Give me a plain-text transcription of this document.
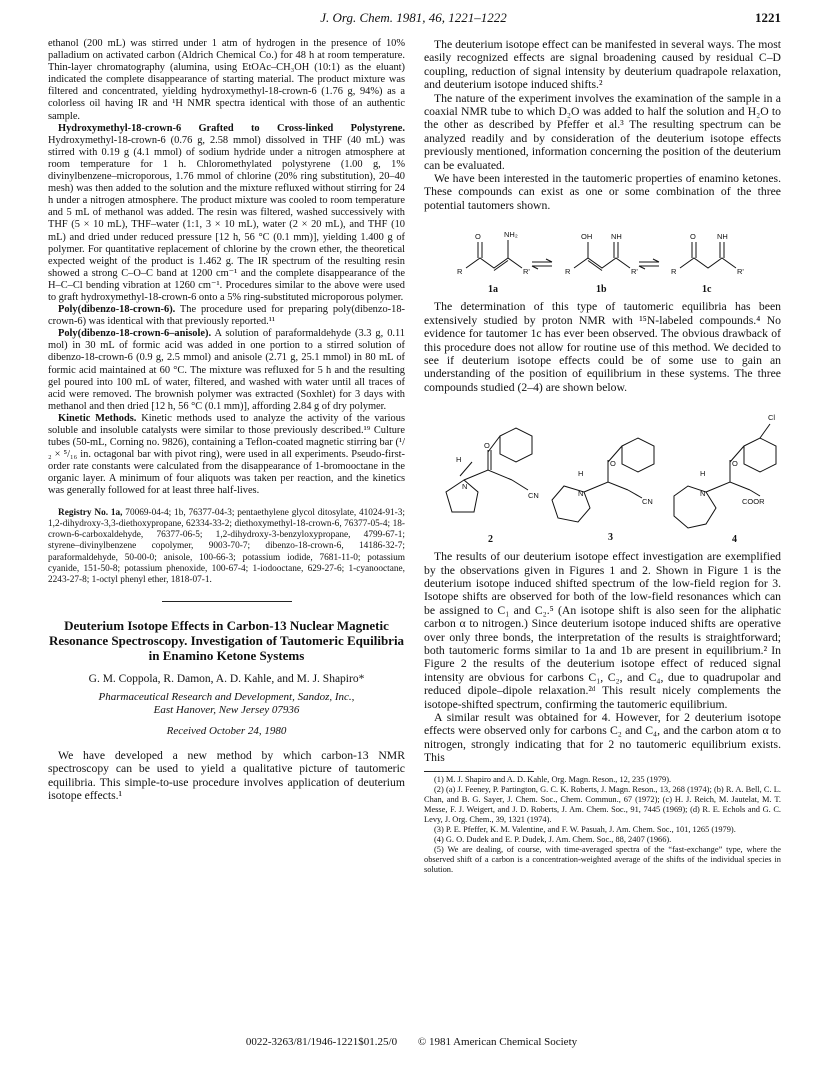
J. Org. Chem. 1981, 46, 1221–1222	1221

ethanol (200 mL) was stirred under 1 atm of hydrogen in the presence of 10% palladium on activated carbon (Aldrich Chemical Co.) for 48 h at room temperature. Thin-layer chromatography (alumina, using EtOAc–CH₃OH (10:1) as the eluant) indicated the complete disappearance of starting material. The product mixture was filtered and concentrated, yielding hydroxymethyl-18-crown-6 (1.76 g, 94%) as a colorless oil having IR and ¹H NMR spectra identical with those of an authentic sample.

Hydroxymethyl-18-crown-6 Grafted to Cross-linked Polystyrene. Hydroxymethyl-18-crown-6 (0.76 g, 2.58 mmol) dissolved in THF (40 mL) was stirred with 0.19 g (4.1 mmol) of sodium hydride under a nitrogen atmosphere at room temperature for 1 h. Chloromethylated polystyrene (1.00 g, 1% divinylbenzene–microporous, 1.76 mmol of chlorine (20% ring substitution), 20–40 mesh) was then added to the solution and the mixture refluxed without stirring for 24 h under a nitrogen atmosphere. The product mixture was cooled to room temperature and 5 mL of methanol was added. The resin was filtered, washed successively with THF (5 × 10 mL), THF–water (1:1, 3 × 10 mL), water (2 × 20 mL), and THF (10 mL) and dried under reduced pressure [12 h, 56 °C (0.1 mm)], yielding 1.400 g of polymer. For quantitative replacement of chlorine by the crown ether, the theoretical expected weight of the product is 1.462 g. The IR spectrum of the resulting resin showed a strong C–O–C band at 1200 cm⁻¹ and the complete disappearance of the H–C–Cl bending vibration at 1260 cm⁻¹. Procedures similar to the above were used to graft hydroxymethyl-18-crown-6 onto a 5% ring-substituted microporous polymer.

Poly(dibenzo-18-crown-6). The procedure used for preparing poly(dibenzo-18-crown-6) was identical with that previously reported.¹¹

Poly(dibenzo-18-crown-6–anisole). A solution of paraformaldehyde (3.3 g, 0.11 mol) in 30 mL of formic acid was added in one portion to a stirred solution of dibenzo-18-crown-6 (0.9 g, 2.5 mmol) and anisole (2.71 g, 25.1 mmol) in 80 mL of formic acid maintained at 60 °C. The mixture was refluxed for 5 h and the resulting gel poured into 100 mL of water, filtered, and washed with water until all traces of acid were removed. The brownish polymer was extracted (Soxhlet) for 3 days with methanol and then dried [12 h, 56 °C (0.1 mm)], affording 2.84 g of dry polymer.

Kinetic Methods. Kinetic methods used to analyze the activity of the various soluble and insoluble catalysts were similar to those previously described.¹⁹ Culture tubes (50-mL, Corning no. 9826), containing a Teflon-coated magnetic stirring bar (¹/₂ × ⁵/₁₆ in. octagonal bar with pivot ring), were used in all experiments. Pseudo-first-order rate constants were calculated from the disappearance of 1-bromooctane in the organic layer. A minimum of four aliquots was taken per reaction, and the kinetics was generally followed for at least three half-lives.

Registry No. 1a, 70069-04-4; 1b, 76377-04-3; pentaethylene glycol ditosylate, 41024-91-3; 1,2-dihydroxy-3,3-diethoxypropane, 62334-33-2; diethoxymethyl-18-crown-6, 76377-05-4; 18-crown-6-carboxaldehyde, 76377-06-5; 1,2-dihydroxy-3-benzyloxypropane, 4799-67-1; styrene–divinylbenzene copolymer, 9003-70-7; dibenzo-18-crown-6, 14186-32-7; paraformaldehyde, 50-00-0; anisole, 100-66-3; potassium iodide, 7681-11-0; potassium cyanide, 151-50-8; potassium phenoxide, 100-67-4; 1-iodooctane, 629-27-6; 1-cyanooctane, 2243-27-8; 1-octyl phenyl ether, 1818-07-1.

Deuterium Isotope Effects in Carbon-13 Nuclear Magnetic Resonance Spectroscopy. Investigation of Tautomeric Equilibria in Enamino Ketone Systems
G. M. Coppola, R. Damon, A. D. Kahle, and M. J. Shapiro*
Pharmaceutical Research and Development, Sandoz, Inc.,
East Hanover, New Jersey 07936
Received October 24, 1980

We have developed a new method by which carbon-13 NMR spectroscopy can be used to yield a qualitative picture of tautomeric equilibria. This simple-to-use procedure involves application of deuterium isotope effects.¹

The deuterium isotope effect can be manifested in several ways. The most easily recognized effects are signal broadening caused by residual C–D coupling, reduction of signal intensity by deuterium quadrapole relaxation, and deuterium isotope induced shifts.²

The nature of the experiment involves the examination of the sample in a coaxial NMR tube to which D₂O was added to half the solution and H₂O to the other as described by Pfeffer et al.³ The resulting spectrum can be analyzed readily and by consideration of the deuterium isotope effects previously mentioned, information concerning the position of the deuterium can be evaluated.

We have been interested in the tautomeric properties of enamino ketones. These compounds can exist as one or some combination of the three potential tautomers shown.

O	NH₂
R	R'
OH	NH
R	R'
O	NH
R	R'
1a	1b	1c

The determination of this type of tautomeric equilibria has been extensively studied by proton NMR with ¹⁵N-labeled compounds.⁴ No evidence for tautomer 1c has ever been observed. The obvious drawback of this procedure does not allow for routine use of this method. We decided to see if deuterium isotope effects could be of some use to gain an understanding of the position of equilibrium in these systems. The three compounds studied (2–4) are shown below.

H
O
N
CN
H
O
N
CN
H
O
N
COOR
Cl
2	3	4

The results of our deuterium isotope effect investigation are exemplified by the observations given in Figures 1 and 2. Shown in Figure 1 is the deuterium isotope induced shifted spectrum of the low-field region for 3. Isotope shifts are observed for both of the low-field resonances which can be assigned to C₁ and C₂.⁵ (An isotope shift is also seen for the aliphatic carbon α to nitrogen.) Since deuterium isotope induced shifts are operative over only three bonds, the interpretation of the results is straightforward; both tautomeric forms similar to 1a and 1b are present in equilibrium.² In Figure 2 the results of the deuterium isotope effect of reduced signal intensity are obvious for carbons C₁, C₂, and C₄, due to quadrupolar and reduced dipole–dipole relaxation.²ᵈ This result nicely complements the isotope-shifted spectrum, confirming the tautomeric equilibrium.

A similar result was obtained for 4. However, for 2 deuterium isotope effects were observed only for carbons C₂ and C₄, and the carbon atom α to nitrogen, strongly indicating that for 2 no tautomeric equilibrium exists. This

(1) M. J. Shapiro and A. D. Kahle, Org. Magn. Reson., 12, 235 (1979).

(2) (a) J. Feeney, P. Partington, G. C. K. Roberts, J. Magn. Reson., 13, 268 (1974); (b) R. A. Bell, C. L. Chan, and B. G. Sayer, J. Chem. Soc., Chem. Commun., 67 (1972); (c) H. J. Reich, M. Jautelat, M. T. Messe, F. J. Weigert, and J. D. Roberts, J. Am. Chem. Soc., 91, 7445 (1969); (d) R. E. Echols and G. C. Levy, J. Org. Chem., 39, 1321 (1974).

(3) P. E. Pfeffer, K. M. Valentine, and F. W. Pasuah, J. Am. Chem. Soc., 101, 1265 (1979).

(4) G. O. Dudek and E. P. Dudek, J. Am. Chem. Soc., 88, 2407 (1966).

(5) We are dealing, of course, with time-averaged spectra of the “fast-exchange” type, where the observed shift of a carbon is a concentration-weighted average of the shifts of the individual species in solution.

0022-3263/81/1946-1221$01.25/0 © 1981 American Chemical Society
